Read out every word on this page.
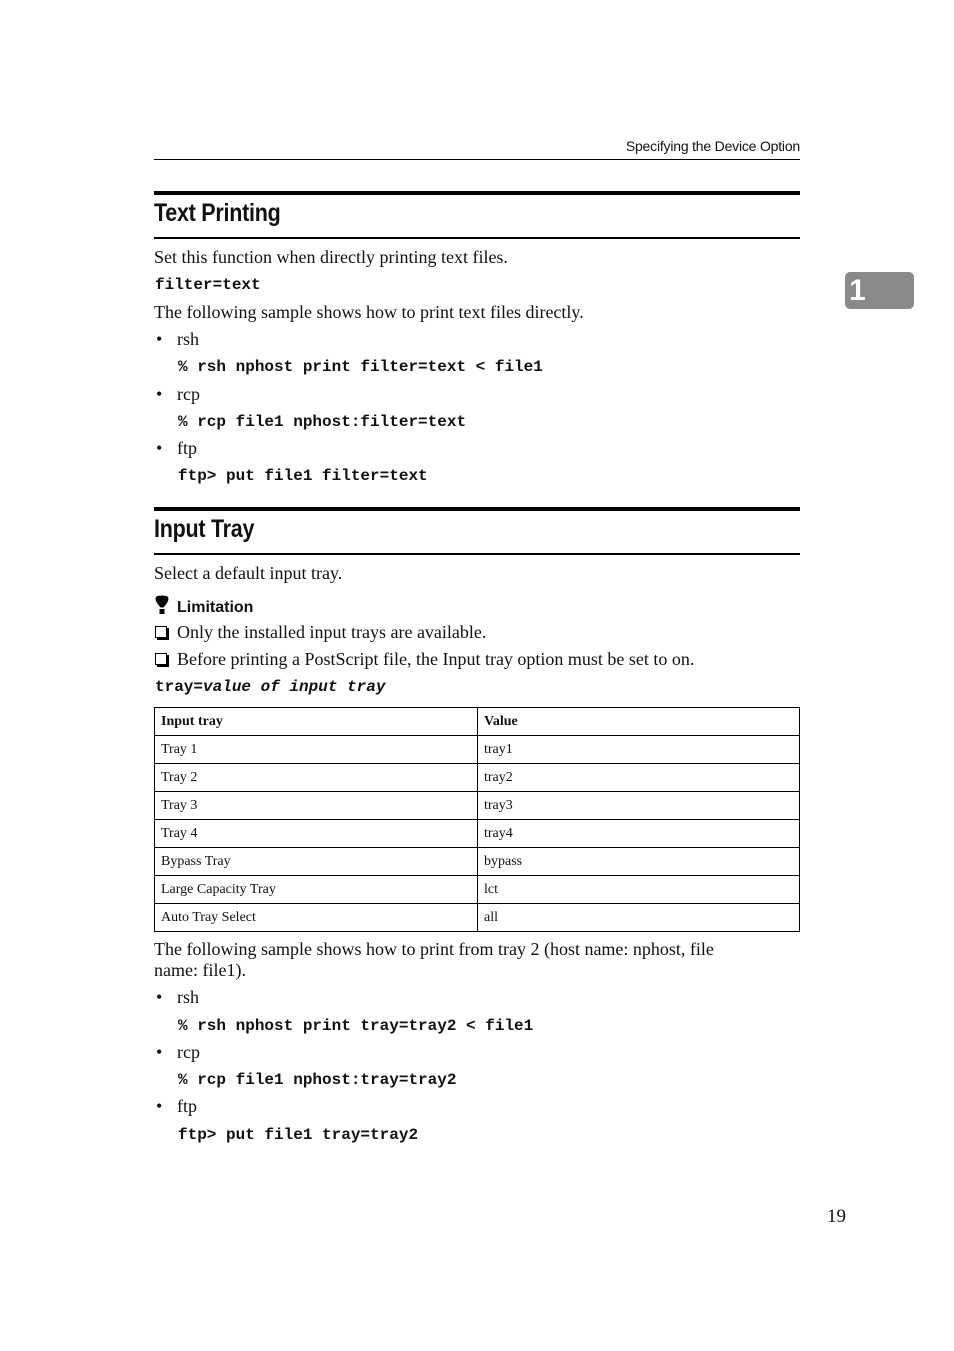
Specifying the Device Option
1
Text Printing
Set this function when directly printing text files.
filter=text
The following sample shows how to print text files directly.
• rsh
% rsh nphost print filter=text < file1
• rcp
% rcp file1 nphost:filter=text
• ftp
ftp> put file1 filter=text
Input Tray
Select a default input tray.
Limitation
Only the installed input trays are available.
Before printing a PostScript file, the Input tray option must be set to on.
tray=value of input tray
Input tray	Value
Tray 1	tray1
Tray 2	tray2
Tray 3	tray3
Tray 4	tray4
Bypass Tray	bypass
Large Capacity Tray	lct
Auto Tray Select	all
The following sample shows how to print from tray 2 (host name: nphost, file
name: file1).
• rsh
% rsh nphost print tray=tray2 < file1
• rcp
% rcp file1 nphost:tray=tray2
• ftp
ftp> put file1 tray=tray2
19
